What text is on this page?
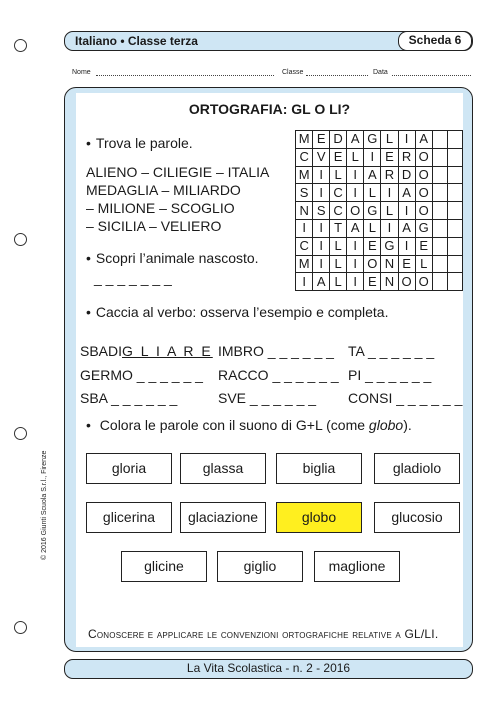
Italiano • Classe terza	Scheda 6
Nome	Classe	Data
ORTOGRAFIA: GL O LI?
• Trova le parole.
ALIENO – CILIEGIE – ITALIA
MEDAGLIA – MILIARDO
– MILIONE – SCOGLIO
– SICILIA – VELIERO
M	E	D	A	G	L	I	A		
C	V	E	L	I	E	R	O		
M	I	L	I	A	R	D	O		
S	I	C	I	L	I	A	O		
N	S	C	O	G	L	I	O		
I	I	T	A	L	I	A	G		
C	I	L	I	E	G	I	E		
M	I	L	I	O	N	E	L		
I	A	L	I	E	N	O	O		
• Scopri l’animale nascosto.
_ _ _ _ _ _ _
• Caccia al verbo: osserva l’esempio e completa.
SBADIG L I A R E IMBRO _ _ _ _ _ _ TA _ _ _ _ _ _
GERMO _ _ _ _ _ _ RACCO _ _ _ _ _ _ PI _ _ _ _ _ _
SBA _ _ _ _ _ _	SVE _ _ _ _ _ _ CONSI _ _ _ _ _ _
• Colora le parole con il suono di G+L (come globo).
gloria	glassa	biglia	gladiolo
glicerina	glaciazione	globo	glucosio
glicine	giglio	maglione
Conoscere e applicare le convenzioni ortografiche relative a GL/LI.
La Vita Scolastica - n. 2 - 2016
© 2016 Giunti Scuola S.r.l., Firenze
